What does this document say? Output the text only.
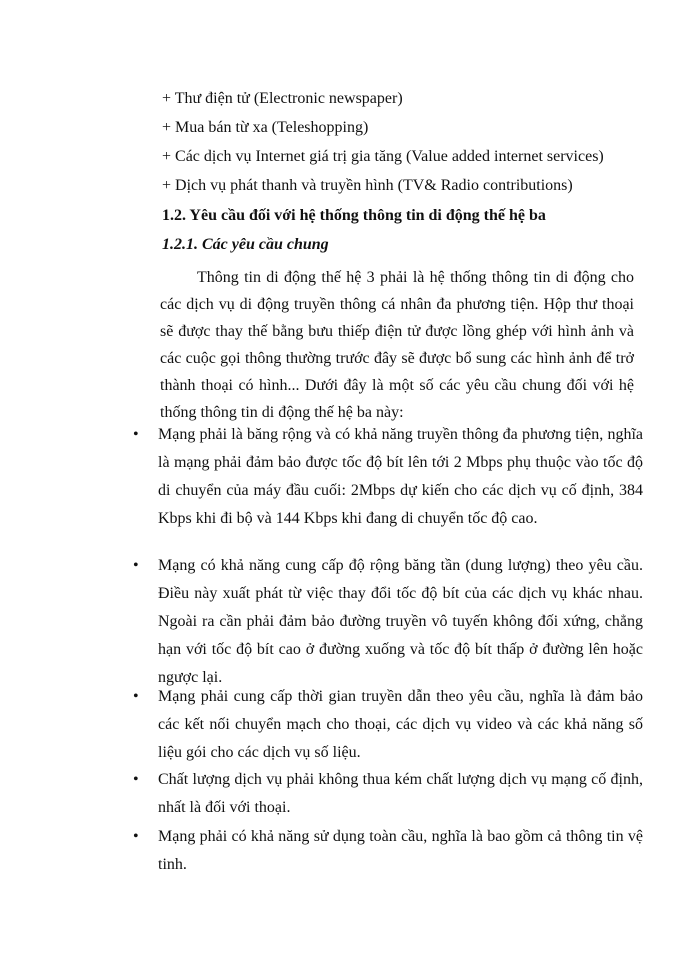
+ Thư điện tử (Electronic newspaper)
+ Mua bán từ xa (Teleshopping)
+ Các dịch vụ Internet giá trị gia tăng (Value added internet services)
+ Dịch vụ phát thanh và truyền hình (TV& Radio contributions)
1.2. Yêu cầu đối với hệ thống thông tin di động thế hệ ba
1.2.1. Các yêu cầu chung
Thông tin di động thế hệ 3 phải là hệ thống thông tin di động cho các dịch vụ di động truyền thông cá nhân đa phương tiện. Hộp thư thoại sẽ được thay thế bằng bưu thiếp điện tử được lồng ghép với hình ảnh và các cuộc gọi thông thường trước đây sẽ được bổ sung các hình ảnh để trở thành thoại có hình... Dưới đây là một số các yêu cầu chung đối với hệ thống thông tin di động thế hệ ba này:
•	Mạng phải là băng rộng và có khả năng truyền thông đa phương tiện, nghĩa là mạng phải đảm bảo được tốc độ bít lên tới 2 Mbps phụ thuộc vào tốc độ di chuyển của máy đầu cuối: 2Mbps dự kiến cho các dịch vụ cố định, 384 Kbps khi đi bộ và 144 Kbps khi đang di chuyển tốc độ cao.
•	Mạng có khả năng cung cấp độ rộng băng tần (dung lượng) theo yêu cầu. Điều này xuất phát từ việc thay đổi tốc độ bít của các dịch vụ khác nhau. Ngoài ra cần phải đảm bảo đường truyền vô tuyến không đối xứng, chẳng hạn với tốc độ bít cao ở đường xuống và tốc độ bít thấp ở đường lên hoặc ngược lại.
•	Mạng phải cung cấp thời gian truyền dẫn theo yêu cầu, nghĩa là đảm bảo các kết nối chuyển mạch cho thoại, các dịch vụ video và các khả năng số liệu gói cho các dịch vụ số liệu.
•	Chất lượng dịch vụ phải không thua kém chất lượng dịch vụ mạng cố định, nhất là đối với thoại.
•	Mạng phải có khả năng sử dụng toàn cầu, nghĩa là bao gồm cả thông tin vệ tinh.
